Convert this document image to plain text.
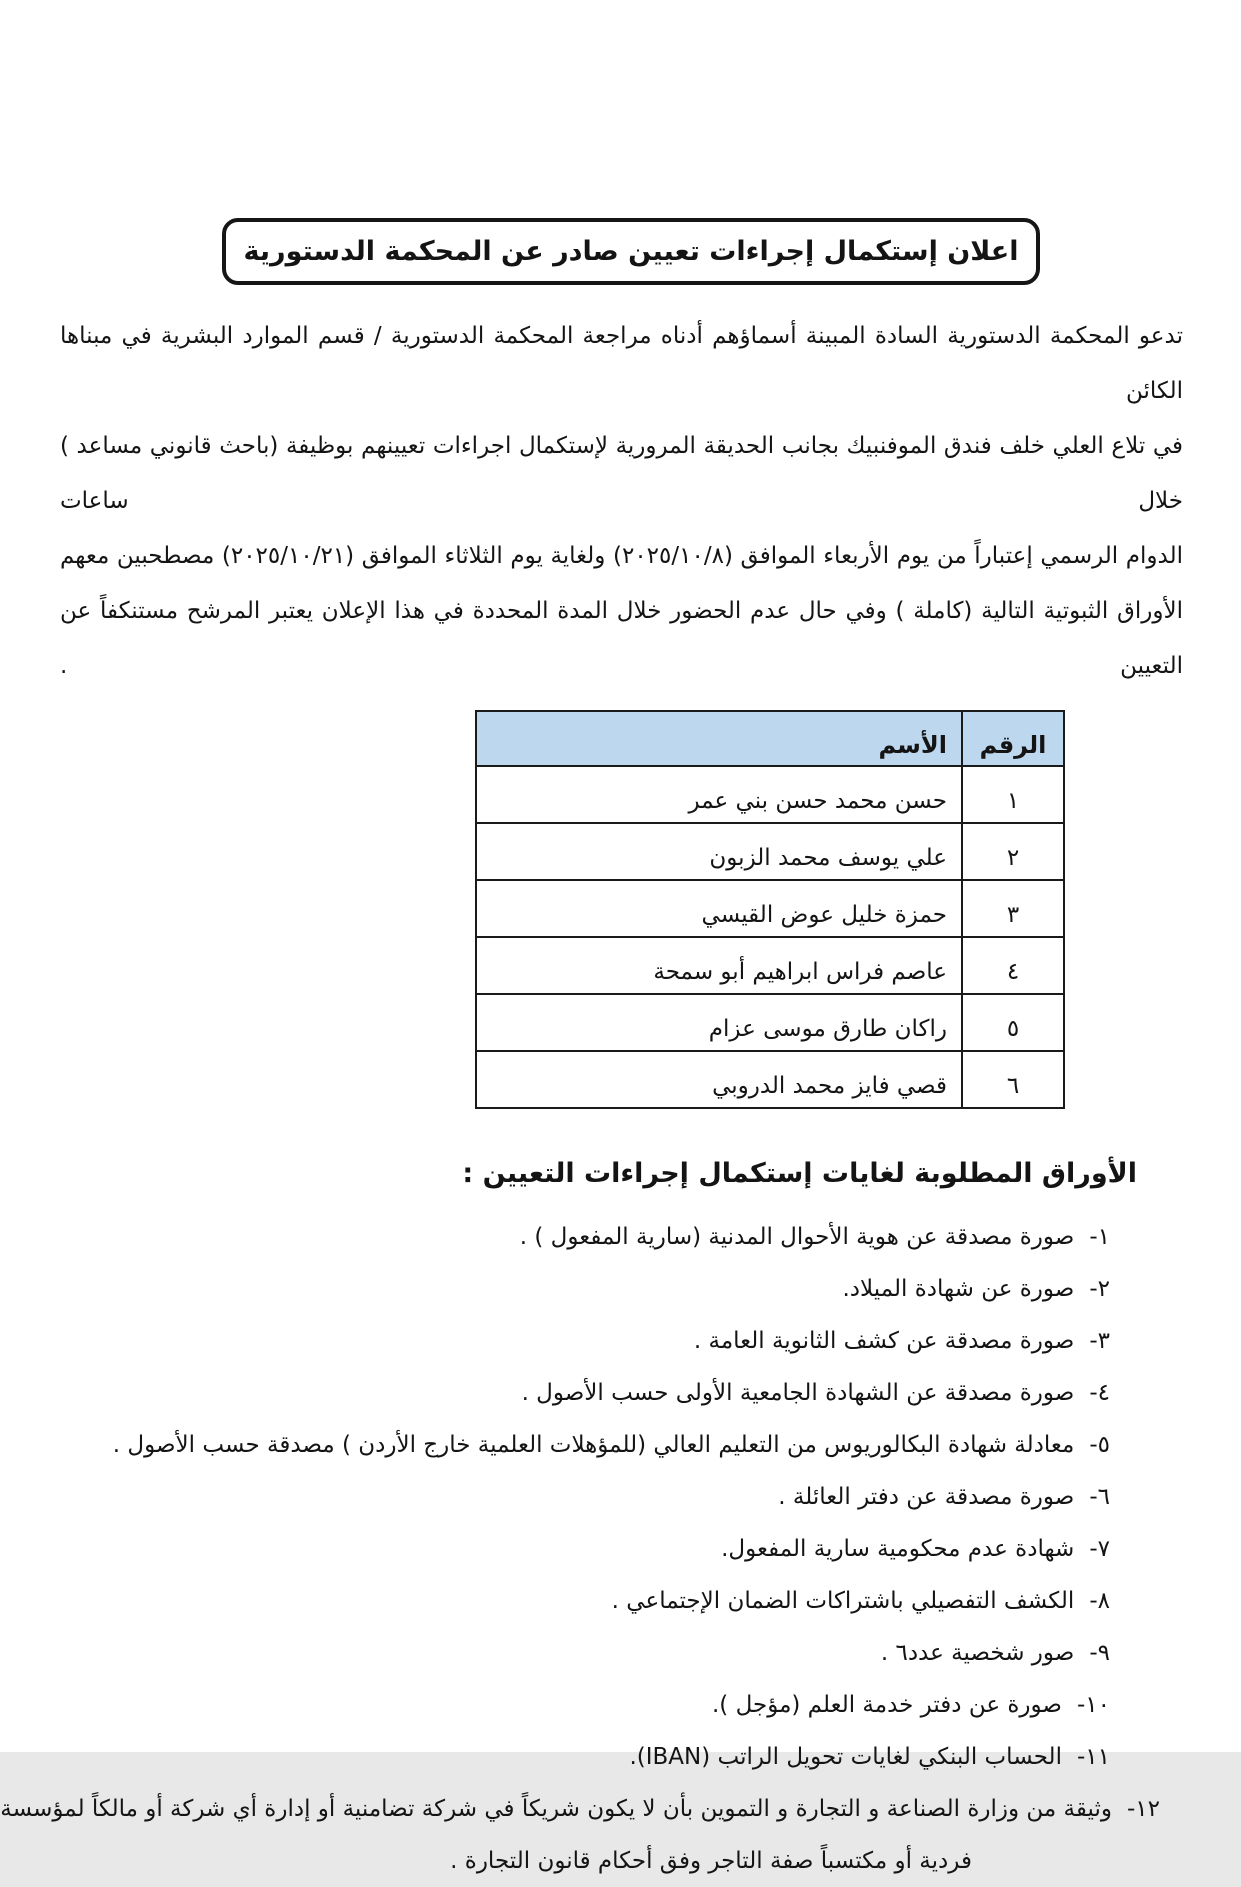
اعلان إستكمال إجراءات تعيين صادر عن المحكمة الدستورية
تدعو المحكمة الدستورية السادة المبينة أسماؤهم أدناه مراجعة المحكمة الدستورية / قسم الموارد البشرية في مبناها الكائن
في تلاع العلي خلف فندق الموفنبيك بجانب الحديقة المرورية لإستكمال اجراءات تعيينهم بوظيفة (باحث قانوني مساعد ) خلال ساعات
الدوام الرسمي إعتباراً من يوم الأربعاء الموافق (٢٠٢٥/١٠/٨) ولغاية يوم الثلاثاء الموافق (٢٠٢٥/١٠/٢١) مصطحبين معهم
الأوراق الثبوتية التالية (كاملة ) وفي حال عدم الحضور خلال المدة المحددة في هذا الإعلان يعتبر المرشح مستنكفاً عن التعيين .
الرقم	الأسم
١	حسن محمد حسن بني عمر
٢	علي يوسف محمد الزبون
٣	حمزة خليل عوض القيسي
٤	عاصم فراس ابراهيم أبو سمحة
٥	راكان طارق موسى عزام
٦	قصي فايز محمد الدروبي
الأوراق المطلوبة لغايات إستكمال إجراءات التعيين :
١-
صورة مصدقة عن هوية الأحوال المدنية (سارية المفعول ) .
٢-
صورة عن شهادة الميلاد.
٣-
صورة مصدقة عن كشف الثانوية العامة .
٤-
صورة مصدقة عن الشهادة الجامعية الأولى حسب الأصول .
٥-
معادلة شهادة البكالوريوس من التعليم العالي (للمؤهلات العلمية خارج الأردن ) مصدقة حسب الأصول .
٦-
صورة مصدقة عن دفتر العائلة .
٧-
شهادة عدم محكومية سارية المفعول.
٨-
الكشف التفصيلي باشتراكات الضمان الإجتماعي .
٩-
صور شخصية عدد٦ .
١٠-
صورة عن دفتر خدمة العلم (مؤجل ).
١١-
الحساب البنكي لغايات تحويل الراتب (IBAN).
١٢-
وثيقة من وزارة الصناعة و التجارة و التموين بأن لا يكون شريكاً في شركة تضامنية أو إدارة أي شركة أو مالكاً لمؤسسة
فردية أو مكتسباً صفة التاجر وفق أحكام قانون التجارة .
